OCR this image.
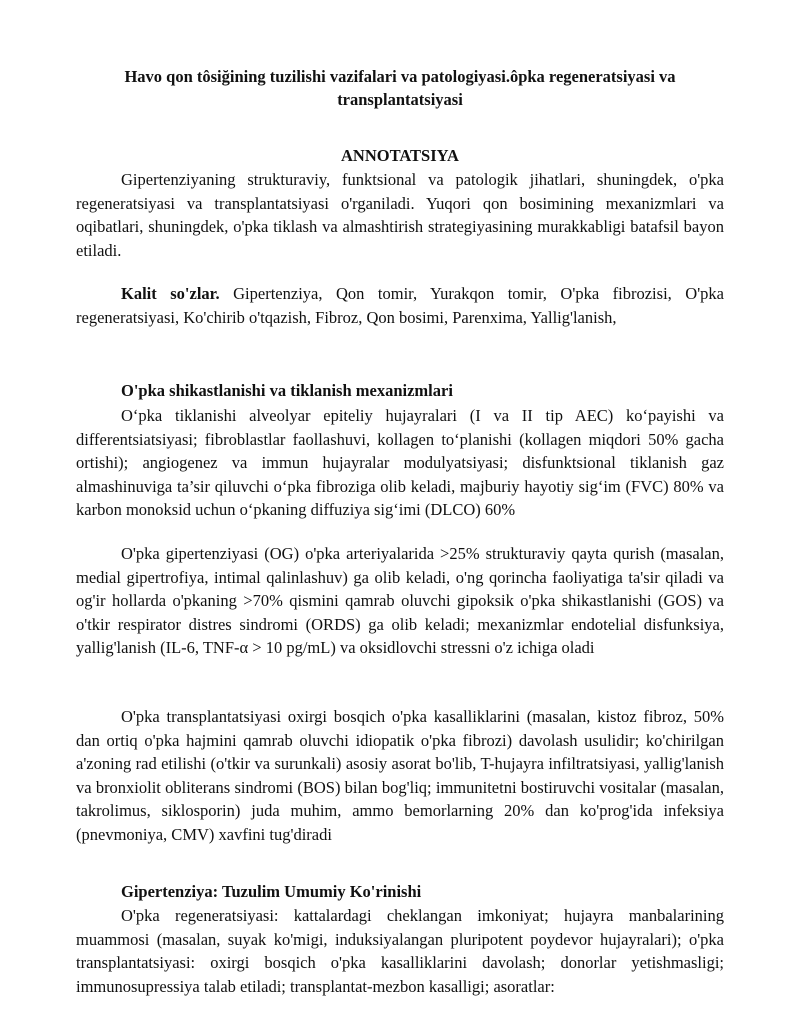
Havo qon tôsiğining tuzilishi vazifalari va patologiyasi.ôpka regeneratsiyasi va transplantatsiyasi
ANNOTATSIYA
Gipertenziyaning strukturaviy, funktsional va patologik jihatlari, shuningdek, o'pka regeneratsiyasi va transplantatsiyasi o'rganiladi. Yuqori qon bosimining mexanizmlari va oqibatlari, shuningdek, o'pka tiklash va almashtirish strategiyasining murakkabligi batafsil bayon etiladi.
Kalit so'zlar. Gipertenziya, Qon tomir, Yurakqon tomir, O'pka fibrozisi, O'pka regeneratsiyasi, Ko'chirib o'tqazish, Fibroz, Qon bosimi, Parenxima, Yallig'lanish,
O'pka shikastlanishi va tiklanish mexanizmlari
O‘pka tiklanishi alveolyar epiteliy hujayralari (I va II tip AEC) ko‘payishi va differentsiatsiyasi; fibroblastlar faollashuvi, kollagen to‘planishi (kollagen miqdori 50% gacha ortishi); angiogenez va immun hujayralar modulyatsiyasi; disfunktsional tiklanish gaz almashinuviga ta’sir qiluvchi o‘pka fibroziga olib keladi, majburiy hayotiy sig‘im (FVC) 80% va karbon monoksid uchun o‘pkaning diffuziya sig‘imi (DLCO) 60%
O'pka gipertenziyasi (OG) o'pka arteriyalarida >25% strukturaviy qayta qurish (masalan, medial gipertrofiya, intimal qalinlashuv) ga olib keladi, o'ng qorincha faoliyatiga ta'sir qiladi va og'ir hollarda o'pkaning >70% qismini qamrab oluvchi gipoksik o'pka shikastlanishi (GOS) va o'tkir respirator distres sindromi (ORDS) ga olib keladi; mexanizmlar endotelial disfunksiya, yallig'lanish (IL-6, TNF-α > 10 pg/mL) va oksidlovchi stressni o'z ichiga oladi
O'pka transplantatsiyasi oxirgi bosqich o'pka kasalliklarini (masalan, kistoz fibroz, 50% dan ortiq o'pka hajmini qamrab oluvchi idiopatik o'pka fibrozi) davolash usulidir; ko'chirilgan a'zoning rad etilishi (o'tkir va surunkali) asosiy asorat bo'lib, T-hujayra infiltratsiyasi, yallig'lanish va bronxiolit obliterans sindromi (BOS) bilan bog'liq; immunitetni bostiruvchi vositalar (masalan, takrolimus, siklosporin) juda muhim, ammo bemorlarning 20% dan ko'prog'ida infeksiya (pnevmoniya, CMV) xavfini tug'diradi
Gipertenziya: Tuzulim Umumiy Ko'rinishi
O'pka regeneratsiyasi: kattalardagi cheklangan imkoniyat; hujayra manbalarining muammosi (masalan, suyak ko'migi, induksiyalangan pluripotent poydevor hujayralari); o'pka transplantatsiyasi: oxirgi bosqich o'pka kasalliklarini davolash; donorlar yetishmasligi; immunosupressiya talab etiladi; transplantat-mezbon kasalligi; asoratlar:
